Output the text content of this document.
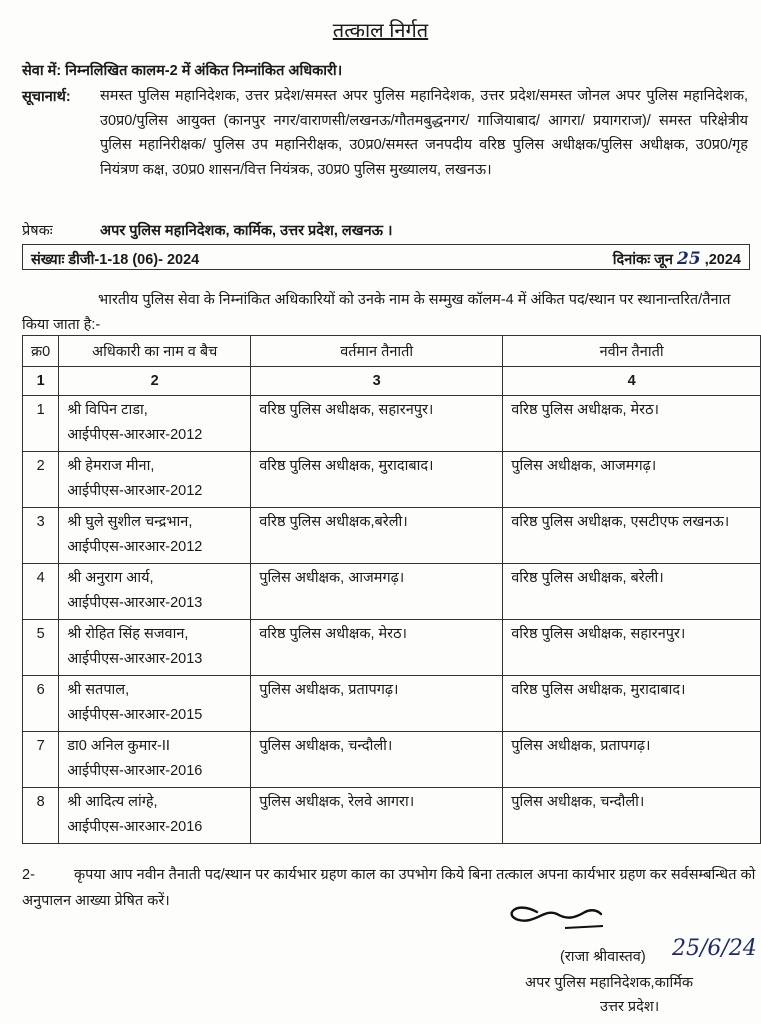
तत्काल निर्गत
सेवा में: निम्नलिखित कालम-2 में अंकित निम्नांकित अधिकारी।
सूचानार्थ: समस्त पुलिस महानिदेशक, उत्तर प्रदेश/समस्त अपर पुलिस महानिदेशक, उत्तर प्रदेश/समस्त जोनल अपर पुलिस महानिदेशक, उ0प्र0/पुलिस आयुक्त (कानपुर नगर/वाराणसी/लखनऊ/गौतमबुद्धनगर/ गाजियाबाद/ आगरा/ प्रयागराज)/ समस्त परिक्षेत्रीय पुलिस महानिरीक्षक/ पुलिस उप महानिरीक्षक, उ0प्र0/समस्त जनपदीय वरिष्ठ पुलिस अधीक्षक/पुलिस अधीक्षक, उ0प्र0/गृह नियंत्रण कक्ष, उ0प्र0 शासन/वित्त नियंत्रक, उ0प्र0 पुलिस मुख्यालय, लखनऊ।
प्रेषकः	अपर पुलिस महानिदेशक, कार्मिक, उत्तर प्रदेश, लखनऊ ।
संख्याः डीजी-1-18 (06)- 2024	दिनांकः जून 25 ,2024
भारतीय पुलिस सेवा के निम्नांकित अधिकारियों को उनके नाम के सम्मुख कॉलम-4 में अंकित पद/स्थान पर स्थानान्तरित/तैनात किया जाता है:-
क्र0	अधिकारी का नाम व बैच	वर्तमान तैनाती	नवीन तैनाती
1	2	3	4
1	श्री विपिन टाडा,
आईपीएस-आरआर-2012	वरिष्ठ पुलिस अधीक्षक, सहारनपुर।	वरिष्ठ पुलिस अधीक्षक, मेरठ।
2	श्री हेमराज मीना,
आईपीएस-आरआर-2012	वरिष्ठ पुलिस अधीक्षक, मुरादाबाद।	पुलिस अधीक्षक, आजमगढ़।
3	श्री घुले सुशील चन्द्रभान,
आईपीएस-आरआर-2012	वरिष्ठ पुलिस अधीक्षक,बरेली।	वरिष्ठ पुलिस अधीक्षक, एसटीएफ लखनऊ।
4	श्री अनुराग आर्य,
आईपीएस-आरआर-2013	पुलिस अधीक्षक, आजमगढ़।	वरिष्ठ पुलिस अधीक्षक, बरेली।
5	श्री रोहित सिंह सजवान,
आईपीएस-आरआर-2013	वरिष्ठ पुलिस अधीक्षक, मेरठ।	वरिष्ठ पुलिस अधीक्षक, सहारनपुर।
6	श्री सतपाल,
आईपीएस-आरआर-2015	पुलिस अधीक्षक, प्रतापगढ़।	वरिष्ठ पुलिस अधीक्षक, मुरादाबाद।
7	डा0 अनिल कुमार-II
आईपीएस-आरआर-2016	पुलिस अधीक्षक, चन्दौली।	पुलिस अधीक्षक, प्रतापगढ़।
8	श्री आदित्य लांग्हे,
आईपीएस-आरआर-2016	पुलिस अधीक्षक, रेलवे आगरा।	पुलिस अधीक्षक, चन्दौली।
2-	कृपया आप नवीन तैनाती पद/स्थान पर कार्यभार ग्रहण काल का उपभोग किये बिना तत्काल अपना कार्यभार ग्रहण कर सर्वसम्बन्धित को अनुपालन आख्या प्रेषित करें।
(राजा श्रीवास्तव) 25/6/24
अपर पुलिस महानिदेशक,कार्मिक
उत्तर प्रदेश।
